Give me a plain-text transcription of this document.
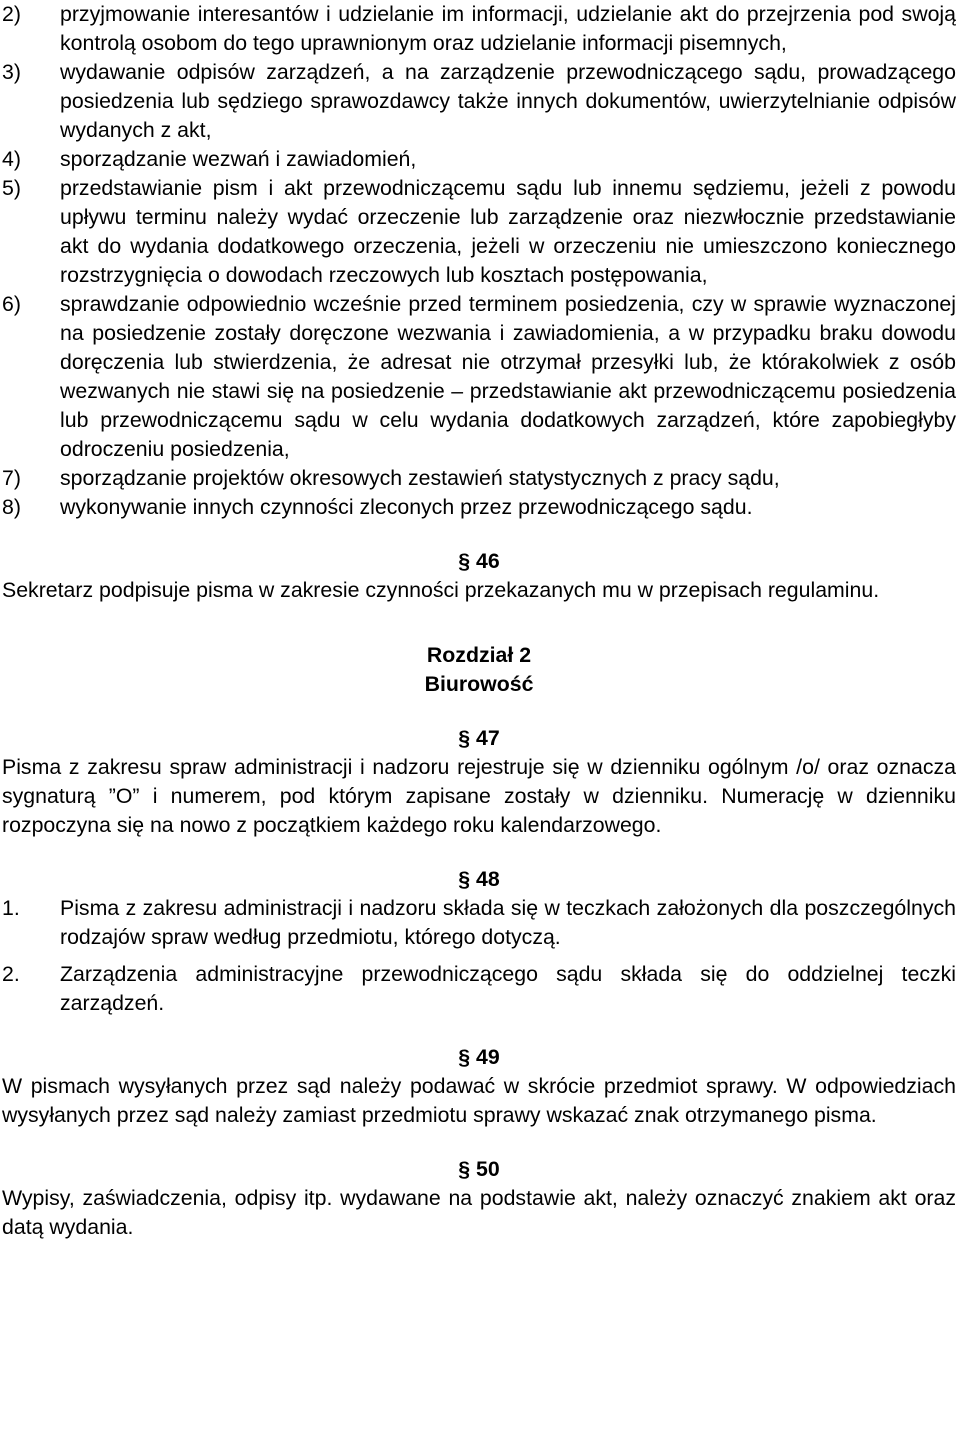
2)	przyjmowanie interesantów i udzielanie im informacji, udzielanie akt do przejrzenia pod swoją kontrolą osobom do tego uprawnionym oraz udzielanie informacji pisemnych,
3)	wydawanie odpisów zarządzeń, a na zarządzenie przewodniczącego sądu, prowadzącego posiedzenia lub sędziego sprawozdawcy także innych dokumentów, uwierzytelnianie odpisów wydanych z akt,
4)	sporządzanie wezwań i zawiadomień,
5)	przedstawianie pism i akt przewodniczącemu sądu lub innemu sędziemu, jeżeli z powodu upływu terminu należy wydać orzeczenie lub zarządzenie oraz niezwłocznie przedstawianie akt do wydania dodatkowego orzeczenia, jeżeli w orzeczeniu nie umieszczono koniecznego rozstrzygnięcia o dowodach rzeczowych lub kosztach postępowania,
6)	sprawdzanie odpowiednio wcześnie przed terminem posiedzenia, czy w sprawie wyznaczonej na posiedzenie zostały doręczone wezwania i zawiadomienia, a w przypadku braku dowodu doręczenia lub stwierdzenia, że adresat nie otrzymał przesyłki lub, że którakolwiek z osób wezwanych nie stawi się na posiedzenie – przedstawianie akt przewodniczącemu posiedzenia lub przewodniczącemu sądu w celu wydania dodatkowych zarządzeń, które zapobiegłyby odroczeniu posiedzenia,
7)	sporządzanie projektów okresowych zestawień statystycznych z pracy sądu,
8)	wykonywanie innych czynności zleconych przez przewodniczącego sądu.
§ 46

Sekretarz podpisuje pisma w zakresie czynności przekazanych mu w przepisach regulaminu.

Rozdział 2
Biurowość
§ 47

Pisma z zakresu spraw administracji i nadzoru rejestruje się w dzienniku ogólnym /o/ oraz oznacza sygnaturą ”O” i numerem, pod którym zapisane zostały w dzienniku. Numerację w dzienniku rozpoczyna się na nowo z początkiem każdego roku kalendarzowego.

§ 48
1.	Pisma z zakresu administracji i nadzoru składa się w teczkach założonych dla poszczególnych rodzajów spraw według przedmiotu, którego dotyczą.
2.	Zarządzenia administracyjne przewodniczącego sądu składa się do oddzielnej teczki zarządzeń.
§ 49

W pismach wysyłanych przez sąd należy podawać w skrócie przedmiot sprawy. W odpowiedziach wysyłanych przez sąd należy zamiast przedmiotu sprawy wskazać znak otrzymanego pisma.

§ 50

Wypisy, zaświadczenia, odpisy itp. wydawane na podstawie akt, należy oznaczyć znakiem akt oraz datą wydania.
